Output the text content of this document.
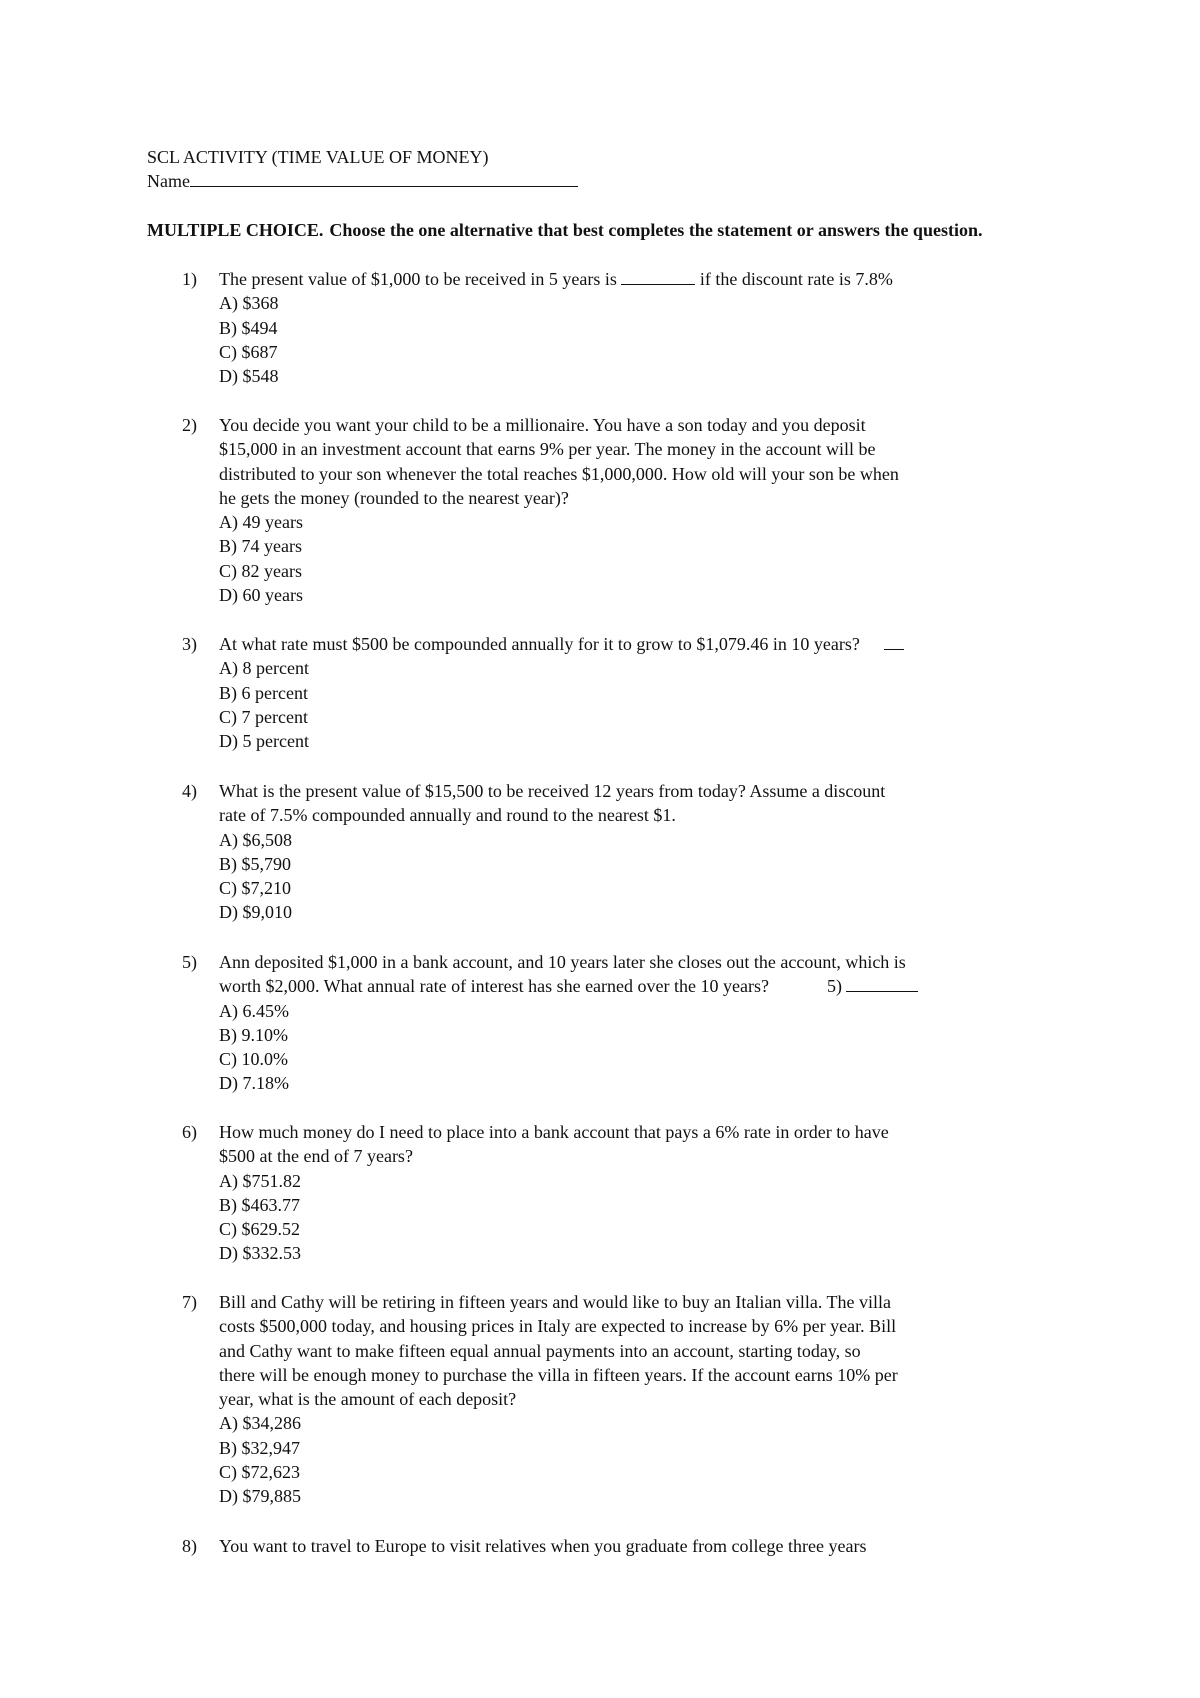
SCL ACTIVITY (TIME VALUE OF MONEY)
Name
MULTIPLE CHOICE. Choose the one alternative that best completes the statement or answers the question.
1)	The present value of $1,000 to be received in 5 years is	if the discount rate is 7.8%
A) $368
B) $494
C) $687
D) $548
2)	You decide you want your child to be a millionaire. You have a son today and you deposit
$15,000 in an investment account that earns 9% per year. The money in the account will be
distributed to your son whenever the total reaches $1,000,000. How old will your son be when
he gets the money (rounded to the nearest year)?
A) 49 years
B) 74 years
C) 82 years
D) 60 years
3)	At what rate must $500 be compounded annually for it to grow to $1,079.46 in 10 years?
A) 8 percent
B) 6 percent
C) 7 percent
D) 5 percent
4)	What is the present value of $15,500 to be received 12 years from today? Assume a discount
rate of 7.5% compounded annually and round to the nearest $1.
A) $6,508
B) $5,790
C) $7,210
D) $9,010
5)	Ann deposited $1,000 in a bank account, and 10 years later she closes out the account, which is
worth $2,000. What annual rate of interest has she earned over the 10 years?	5)
A) 6.45%
B) 9.10%
C) 10.0%
D) 7.18%
6)	How much money do I need to place into a bank account that pays a 6% rate in order to have
$500 at the end of 7 years?
A) $751.82
B) $463.77
C) $629.52
D) $332.53
7)	Bill and Cathy will be retiring in fifteen years and would like to buy an Italian villa. The villa
costs $500,000 today, and housing prices in Italy are expected to increase by 6% per year. Bill
and Cathy want to make fifteen equal annual payments into an account, starting today, so
there will be enough money to purchase the villa in fifteen years. If the account earns 10% per
year, what is the amount of each deposit?
A) $34,286
B) $32,947
C) $72,623
D) $79,885
8)	You want to travel to Europe to visit relatives when you graduate from college three years
